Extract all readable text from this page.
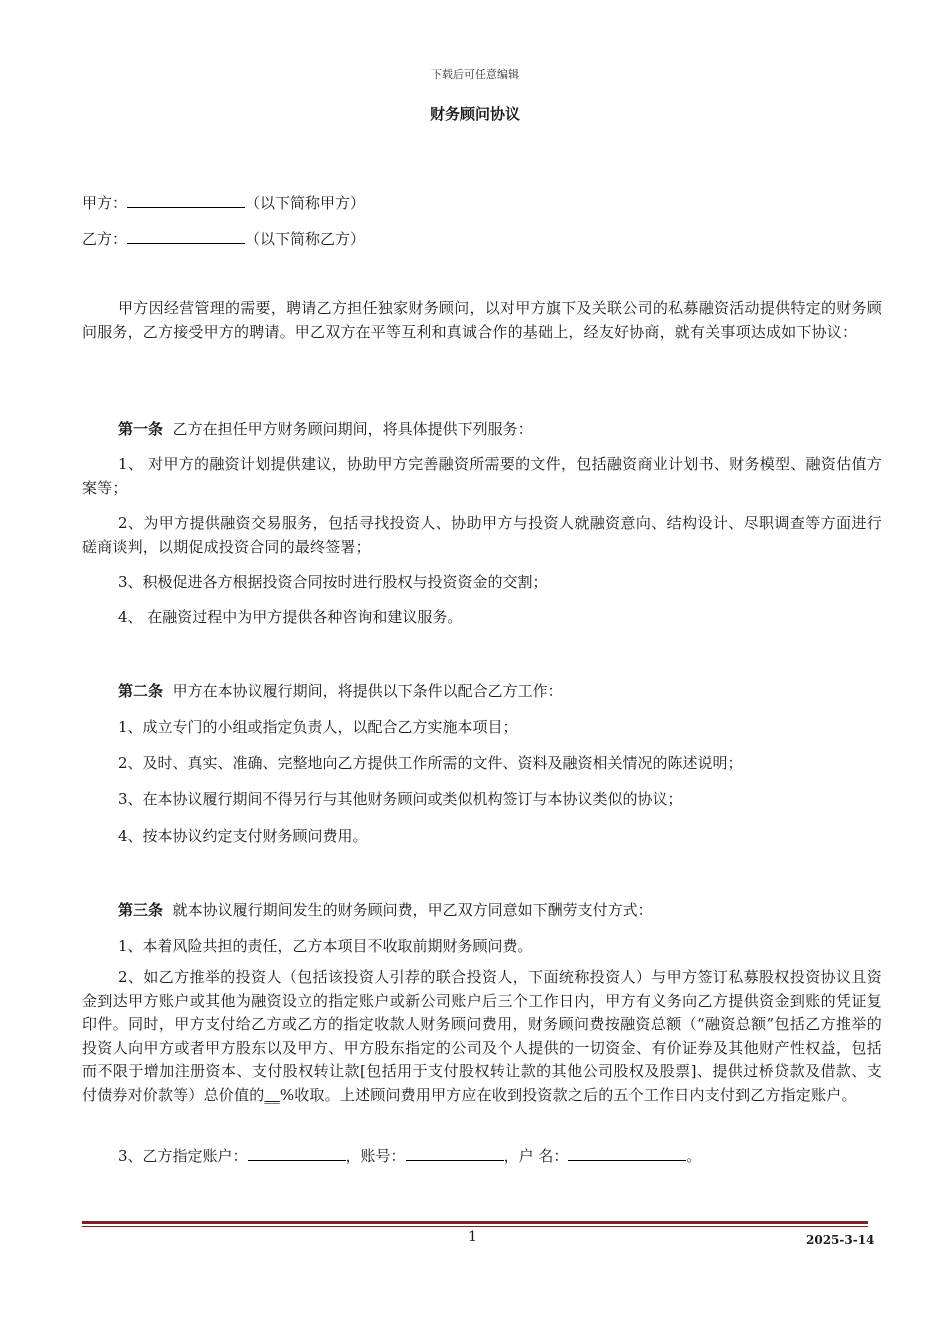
下载后可任意编辑
财务顾问协议
甲方：	（以下简称甲方）
乙方：	（以下简称乙方）
甲方因经营管理的需要，聘请乙方担任独家财务顾问，以对甲方旗下及关联公司的私募融资活动提供特定的财务顾问服务，乙方接受甲方的聘请。甲乙双方在平等互利和真诚合作的基础上，经友好协商，就有关事项达成如下协议：
第一条 乙方在担任甲方财务顾问期间，将具体提供下列服务：
1、 对甲方的融资计划提供建议，协助甲方完善融资所需要的文件，包括融资商业计划书、财务模型、融资估值方案等；
2、为甲方提供融资交易服务，包括寻找投资人、协助甲方与投资人就融资意向、结构设计、尽职调查等方面进行磋商谈判，以期促成投资合同的最终签署；
3、积极促进各方根据投资合同按时进行股权与投资资金的交割；
4、 在融资过程中为甲方提供各种咨询和建议服务。
第二条 甲方在本协议履行期间，将提供以下条件以配合乙方工作：
1、成立专门的小组或指定负责人，以配合乙方实施本项目；
2、及时、真实、准确、完整地向乙方提供工作所需的文件、资料及融资相关情况的陈述说明；
3、在本协议履行期间不得另行与其他财务顾问或类似机构签订与本协议类似的协议；
4、按本协议约定支付财务顾问费用。
第三条 就本协议履行期间发生的财务顾问费，甲乙双方同意如下酬劳支付方式：
1、本着风险共担的责任，乙方本项目不收取前期财务顾问费。
2、如乙方推举的投资人（包括该投资人引荐的联合投资人，下面统称投资人）与甲方签订私募股权投资协议且资金到达甲方账户或其他为融资设立的指定账户或新公司账户后三个工作日内，甲方有义务向乙方提供资金到账的凭证复印件。同时，甲方支付给乙方或乙方的指定收款人财务顾问费用，财务顾问费按融资总额（“融资总额”包括乙方推举的投资人向甲方或者甲方股东以及甲方、甲方股东指定的公司及个人提供的一切资金、有价证券及其他财产性权益，包括而不限于增加注册资本、支付股权转让款[包括用于支付股权转让款的其他公司股权及股票]、提供过桥贷款及借款、支付债券对价款等）总价值的__%收取。上述顾问费用甲方应在收到投资款之后的五个工作日内支付到乙方指定账户。
3、乙方指定账户：	，账号：	，户 名：	。
1	2025-3-14
